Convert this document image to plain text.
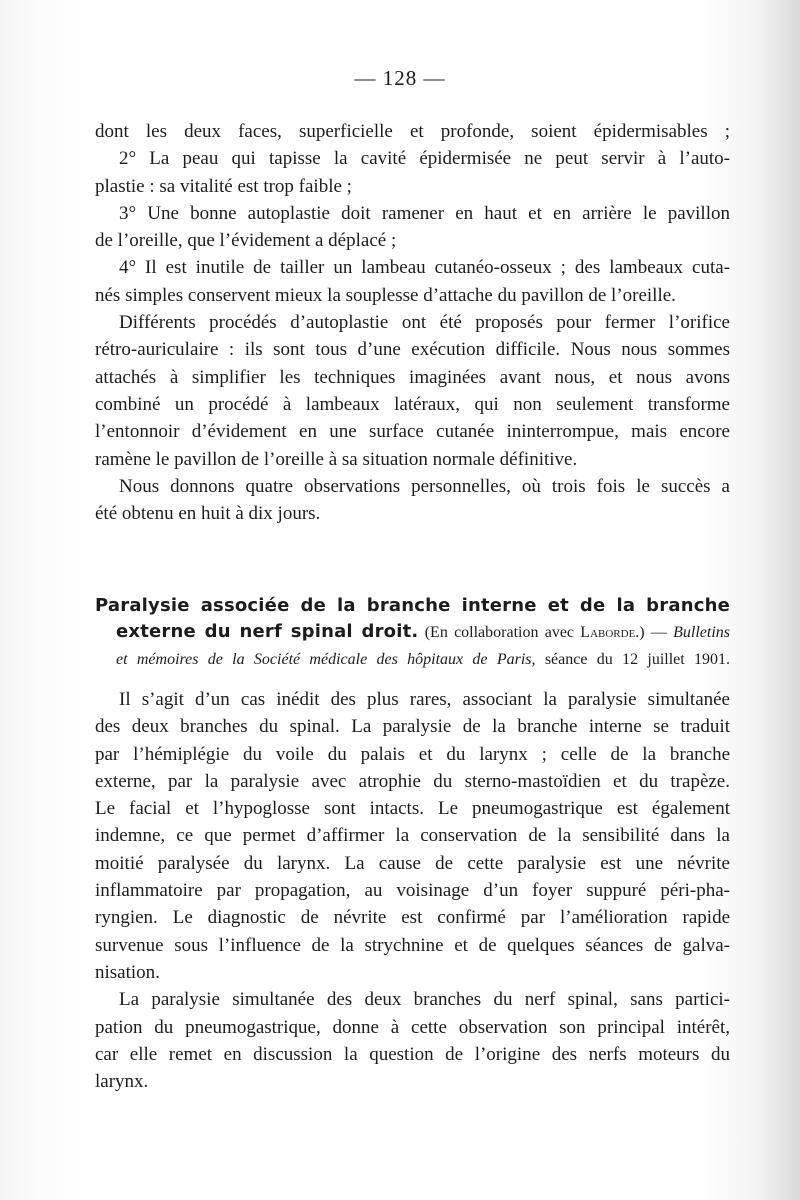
— 128 —
dont les deux faces, superficielle et profonde, soient épidermisables ;
2° La peau qui tapisse la cavité épidermisée ne peut servir à l’auto-
plastie : sa vitalité est trop faible ;
3° Une bonne autoplastie doit ramener en haut et en arrière le pavillon
de l’oreille, que l’évidement a déplacé ;
4° Il est inutile de tailler un lambeau cutanéo-osseux ; des lambeaux cuta-
nés simples conservent mieux la souplesse d’attache du pavillon de l’oreille.
Différents procédés d’autoplastie ont été proposés pour fermer l’orifice
rétro-auriculaire : ils sont tous d’une exécution difficile. Nous nous sommes
attachés à simplifier les techniques imaginées avant nous, et nous avons
combiné un procédé à lambeaux latéraux, qui non seulement transforme
l’entonnoir d’évidement en une surface cutanée ininterrompue, mais encore
ramène le pavillon de l’oreille à sa situation normale définitive.
Nous donnons quatre observations personnelles, où trois fois le succès a
été obtenu en huit à dix jours.
Paralysie associée de la branche interne et de la branche
externe du nerf spinal droit. (En collaboration avec Laborde.) — Bulletins
et mémoires de la Société médicale des hôpitaux de Paris, séance du 12 juillet 1901.
Il s’agit d’un cas inédit des plus rares, associant la paralysie simultanée
des deux branches du spinal. La paralysie de la branche interne se traduit
par l’hémiplégie du voile du palais et du larynx ; celle de la branche
externe, par la paralysie avec atrophie du sterno-mastoïdien et du trapèze.
Le facial et l’hypoglosse sont intacts. Le pneumogastrique est également
indemne, ce que permet d’affirmer la conservation de la sensibilité dans la
moitié paralysée du larynx. La cause de cette paralysie est une névrite
inflammatoire par propagation, au voisinage d’un foyer suppuré péri-pha-
ryngien. Le diagnostic de névrite est confirmé par l’amélioration rapide
survenue sous l’influence de la strychnine et de quelques séances de galva-
nisation.
La paralysie simultanée des deux branches du nerf spinal, sans partici-
pation du pneumogastrique, donne à cette observation son principal intérêt,
car elle remet en discussion la question de l’origine des nerfs moteurs du
larynx.
